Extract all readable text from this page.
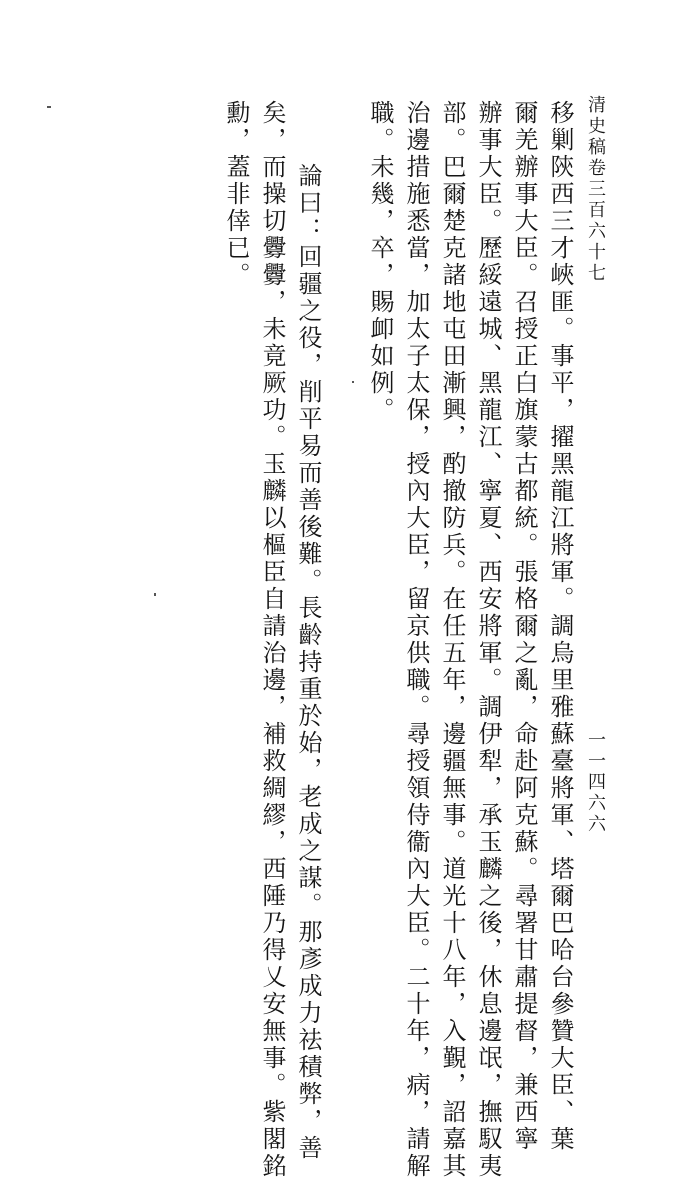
清史稿卷三百六十七
一一四六六
移剿陝西三才峽匪。事平，擢黑龍江將軍。調烏里雅蘇臺將軍、塔爾巴哈台參贊大臣、葉
爾羌辦事大臣。召授正白旗蒙古都統。張格爾之亂，命赴阿克蘇。尋署甘肅提督，兼西寧
辦事大臣。歷綏遠城、黑龍江、寧夏、西安將軍。調伊犁，承玉麟之後，休息邊氓，撫馭夷
部。巴爾楚克諸地屯田漸興，酌撤防兵。在任五年，邊疆無事。道光十八年，入覲，詔嘉其
治邊措施悉當，加太子太保，授內大臣，留京供職。尋授領侍衞內大臣。二十年，病，請解
職。未幾，卒，賜卹如例。
論曰：回疆之役，削平易而善後難。長齡持重於始，老成之謀。那彥成力祛積弊，善
矣，而操切釁釁，未竟厥功。玉麟以樞臣自請治邊，補救綢繆，西陲乃得乂安無事。紫閣銘
勳，蓋非倖已。
